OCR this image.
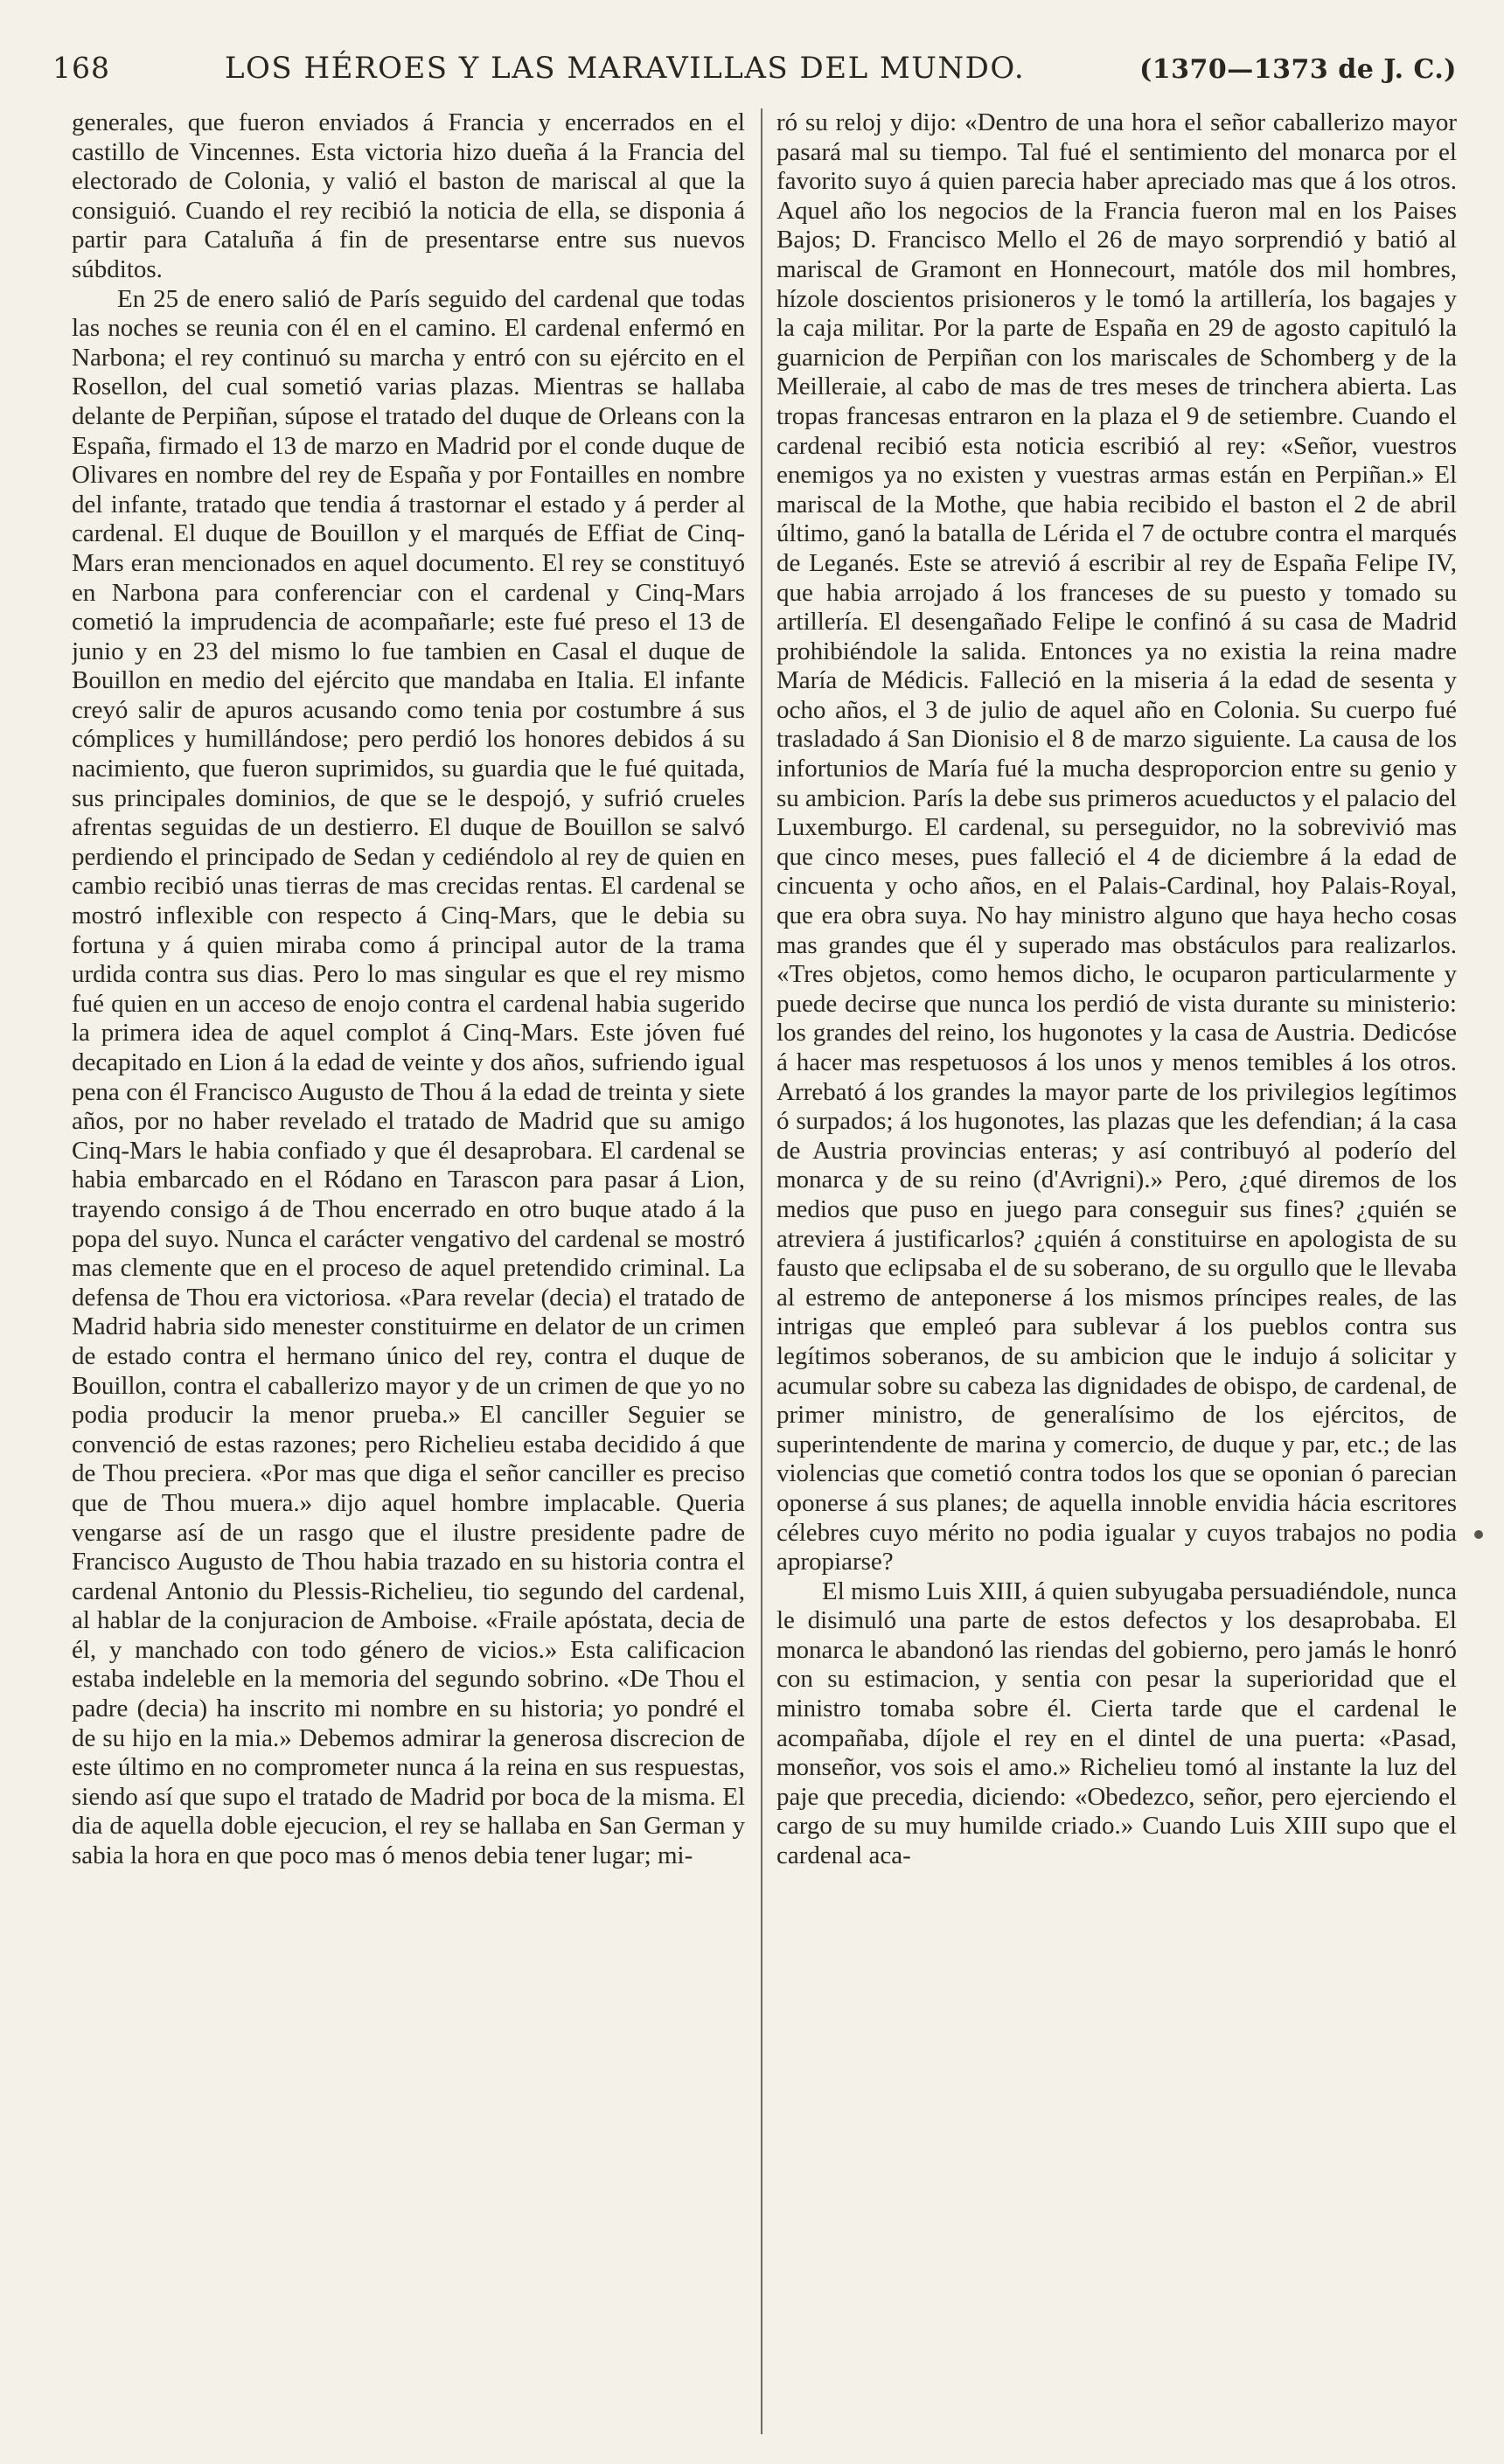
168	LOS HÉROES Y LAS MARAVILLAS DEL MUNDO.	(1370—1373 de J. C.)

generales, que fueron enviados á Francia y encerrados en el castillo de Vincennes. Esta victoria hizo dueña á la Francia del electorado de Colonia, y valió el baston de mariscal al que la consiguió. Cuando el rey recibió la noticia de ella, se disponia á partir para Cataluña á fin de presentarse entre sus nuevos súbditos.

En 25 de enero salió de París seguido del cardenal que todas las noches se reunia con él en el camino. El cardenal enfermó en Narbona; el rey continuó su marcha y entró con su ejército en el Rosellon, del cual sometió varias plazas. Mientras se hallaba delante de Perpiñan, súpose el tratado del duque de Orleans con la España, firmado el 13 de marzo en Madrid por el conde duque de Olivares en nombre del rey de España y por Fontailles en nombre del infante, tratado que tendia á trastornar el estado y á perder al cardenal. El duque de Bouillon y el marqués de Effiat de Cinq-Mars eran mencionados en aquel documento. El rey se constituyó en Narbona para conferenciar con el cardenal y Cinq-Mars cometió la imprudencia de acompañarle; este fué preso el 13 de junio y en 23 del mismo lo fue tambien en Casal el duque de Bouillon en medio del ejército que mandaba en Italia. El infante creyó salir de apuros acusando como tenia por costumbre á sus cómplices y humillándose; pero perdió los honores debidos á su nacimiento, que fueron suprimidos, su guardia que le fué quitada, sus principales dominios, de que se le despojó, y sufrió crueles afrentas seguidas de un destierro. El duque de Bouillon se salvó perdiendo el principado de Sedan y cediéndolo al rey de quien en cambio recibió unas tierras de mas crecidas rentas. El cardenal se mostró inflexible con respecto á Cinq-Mars, que le debia su fortuna y á quien miraba como á principal autor de la trama urdida contra sus dias. Pero lo mas singular es que el rey mismo fué quien en un acceso de enojo contra el cardenal habia sugerido la primera idea de aquel complot á Cinq-Mars. Este jóven fué decapitado en Lion á la edad de veinte y dos años, sufriendo igual pena con él Francisco Augusto de Thou á la edad de treinta y siete años, por no haber revelado el tratado de Madrid que su amigo Cinq-Mars le habia confiado y que él desaprobara. El cardenal se habia embarcado en el Ródano en Tarascon para pasar á Lion, trayendo consigo á de Thou encerrado en otro buque atado á la popa del suyo. Nunca el carácter vengativo del cardenal se mostró mas clemente que en el proceso de aquel pretendido criminal. La defensa de Thou era victoriosa. «Para revelar (decia) el tratado de Madrid habria sido menester constituirme en delator de un crimen de estado contra el hermano único del rey, contra el duque de Bouillon, contra el caballerizo mayor y de un crimen de que yo no podia producir la menor prueba.» El canciller Seguier se convenció de estas razones; pero Richelieu estaba decidido á que de Thou preciera. «Por mas que diga el señor canciller es preciso que de Thou muera.» dijo aquel hombre implacable. Queria vengarse así de un rasgo que el ilustre presidente padre de Francisco Augusto de Thou habia trazado en su historia contra el cardenal Antonio du Plessis-Richelieu, tio segundo del cardenal, al hablar de la conjuracion de Amboise. «Fraile apóstata, decia de él, y manchado con todo género de vicios.» Esta calificacion estaba indeleble en la memoria del segundo sobrino. «De Thou el padre (decia) ha inscrito mi nombre en su historia; yo pondré el de su hijo en la mia.» Debemos admirar la generosa discrecion de este último en no comprometer nunca á la reina en sus respuestas, siendo así que supo el tratado de Madrid por boca de la misma. El dia de aquella doble ejecucion, el rey se hallaba en San German y sabia la hora en que poco mas ó menos debia tener lugar; mi-

ró su reloj y dijo: «Dentro de una hora el señor caballerizo mayor pasará mal su tiempo. Tal fué el sentimiento del monarca por el favorito suyo á quien parecia haber apreciado mas que á los otros. Aquel año los negocios de la Francia fueron mal en los Paises Bajos; D. Francisco Mello el 26 de mayo sorprendió y batió al mariscal de Gramont en Honnecourt, matóle dos mil hombres, hízole doscientos prisioneros y le tomó la artillería, los bagajes y la caja militar. Por la parte de España en 29 de agosto capituló la guarnicion de Perpiñan con los mariscales de Schomberg y de la Meilleraie, al cabo de mas de tres meses de trinchera abierta. Las tropas francesas entraron en la plaza el 9 de setiembre. Cuando el cardenal recibió esta noticia escribió al rey: «Señor, vuestros enemigos ya no existen y vuestras armas están en Perpiñan.» El mariscal de la Mothe, que habia recibido el baston el 2 de abril último, ganó la batalla de Lérida el 7 de octubre contra el marqués de Leganés. Este se atrevió á escribir al rey de España Felipe IV, que habia arrojado á los franceses de su puesto y tomado su artillería. El desengañado Felipe le confinó á su casa de Madrid prohibiéndole la salida. Entonces ya no existia la reina madre María de Médicis. Falleció en la miseria á la edad de sesenta y ocho años, el 3 de julio de aquel año en Colonia. Su cuerpo fué trasladado á San Dionisio el 8 de marzo siguiente. La causa de los infortunios de María fué la mucha desproporcion entre su genio y su ambicion. París la debe sus primeros acueductos y el palacio del Luxemburgo. El cardenal, su perseguidor, no la sobrevivió mas que cinco meses, pues falleció el 4 de diciembre á la edad de cincuenta y ocho años, en el Palais-Cardinal, hoy Palais-Royal, que era obra suya. No hay ministro alguno que haya hecho cosas mas grandes que él y superado mas obstáculos para realizarlos. «Tres objetos, como hemos dicho, le ocuparon particularmente y puede decirse que nunca los perdió de vista durante su ministerio: los grandes del reino, los hugonotes y la casa de Austria. Dedicóse á hacer mas respetuosos á los unos y menos temibles á los otros. Arrebató á los grandes la mayor parte de los privilegios legítimos ó surpados; á los hugonotes, las plazas que les defendian; á la casa de Austria provincias enteras; y así contribuyó al poderío del monarca y de su reino (d'Avrigni).» Pero, ¿qué diremos de los medios que puso en juego para conseguir sus fines? ¿quién se atreviera á justificarlos? ¿quién á constituirse en apologista de su fausto que eclipsaba el de su soberano, de su orgullo que le llevaba al estremo de anteponerse á los mismos príncipes reales, de las intrigas que empleó para sublevar á los pueblos contra sus legítimos soberanos, de su ambicion que le indujo á solicitar y acumular sobre su cabeza las dignidades de obispo, de cardenal, de primer ministro, de generalísimo de los ejércitos, de superintendente de marina y comercio, de duque y par, etc.; de las violencias que cometió contra todos los que se oponian ó parecian oponerse á sus planes; de aquella innoble envidia hácia escritores célebres cuyo mérito no podia igualar y cuyos trabajos no podia apropiarse?

El mismo Luis XIII, á quien subyugaba persuadiéndole, nunca le disimuló una parte de estos defectos y los desaprobaba. El monarca le abandonó las riendas del gobierno, pero jamás le honró con su estimacion, y sentia con pesar la superioridad que el ministro tomaba sobre él. Cierta tarde que el cardenal le acompañaba, díjole el rey en el dintel de una puerta: «Pasad, monseñor, vos sois el amo.» Richelieu tomó al instante la luz del paje que precedia, diciendo: «Obedezco, señor, pero ejerciendo el cargo de su muy humilde criado.» Cuando Luis XIII supo que el cardenal aca-
